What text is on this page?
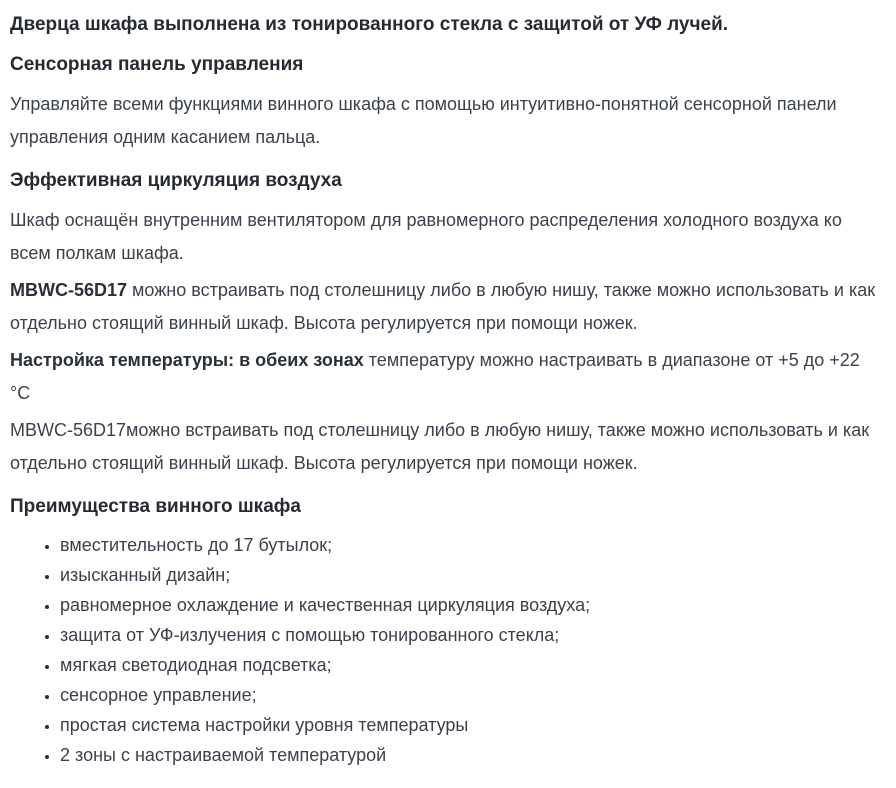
Дверца шкафа выполнена из тонированного стекла с защитой от УФ лучей.

Сенсорная панель управления

Управляйте всеми функциями винного шкафа с помощью интуитивно-понятной сенсорной панели управления одним касанием пальца.

Эффективная циркуляция воздуха

Шкаф оснащён внутренним вентилятором для равномерного распределения холодного воздуха ко всем полкам шкафа.

MBWC-56D17 можно встраивать под столешницу либо в любую нишу, также можно использовать и как отдельно стоящий винный шкаф. Высота регулируется при помощи ножек.

Настройка температуры: в обеих зонах температуру можно настраивать в диапазоне от +5 до +22 °С

MBWC-56D17можно встраивать под столешницу либо в любую нишу, также можно использовать и как отдельно стоящий винный шкаф. Высота регулируется при помощи ножек.

Преимущества винного шкафа
• вместительность до 17 бутылок;
• изысканный дизайн;
• равномерное охлаждение и качественная циркуляция воздуха;
• защита от УФ-излучения с помощью тонированного стекла;
• мягкая светодиодная подсветка;
• сенсорное управление;
• простая система настройки уровня температуры
• 2 зоны с настраиваемой температурой
